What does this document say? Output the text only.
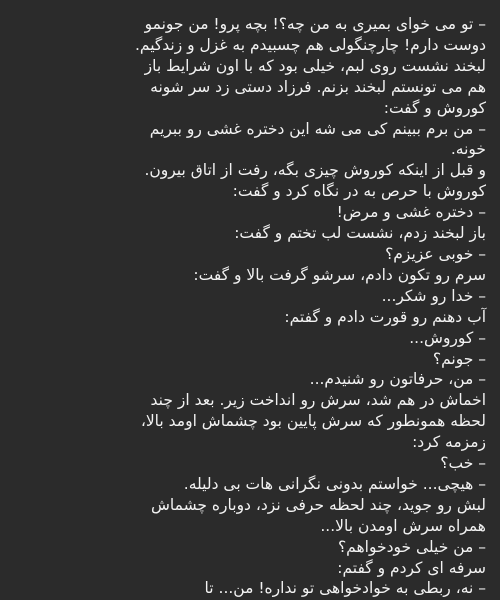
– تو می خوای بمیری به من چه؟! بچه پرو! من جونمو
دوست دارم! چارچنگولی هم چسبیدم به غزل و زندگیم.
لبخند نشست روی لبم، خیلی بود که با اون شرایط باز
هم می تونستم لبخند بزنم. فرزاد دستی زد سر شونه
کوروش و گفت:
– من برم ببینم کی می شه این دختره غشی رو ببریم
خونه.
و قبل از اینکه کوروش چیزی بگه، رفت از اتاق بیرون.
کوروش با حرص به در نگاه کرد و گفت:
– دختره غشی و مرض!
باز لبخند زدم، نشست لب تختم و گفت:
– خوبی عزیزم؟
سرم رو تکون دادم، سرشو گرفت بالا و گفت:
– خدا رو شکر...
آب دهنم رو قورت دادم و گفتم:
– کوروش...
– جونم؟
– من، حرفاتون رو شنیدم...
اخماش در هم شد، سرش رو انداخت زیر. بعد از چند
لحظه همونطور که سرش پایین بود چشماش اومد بالا،
زمزمه کرد:
– خب؟
– هیچی... خواستم بدونی نگرانی هات بی دلیله.
لبش رو جوید، چند لحظه حرفی نزد، دوباره چشماش
همراه سرش اومدن بالا...
– من خیلی خودخواهم؟
سرفه ای کردم و گفتم:
– نه، ربطی به خوادخواهی تو نداره! من... تا
